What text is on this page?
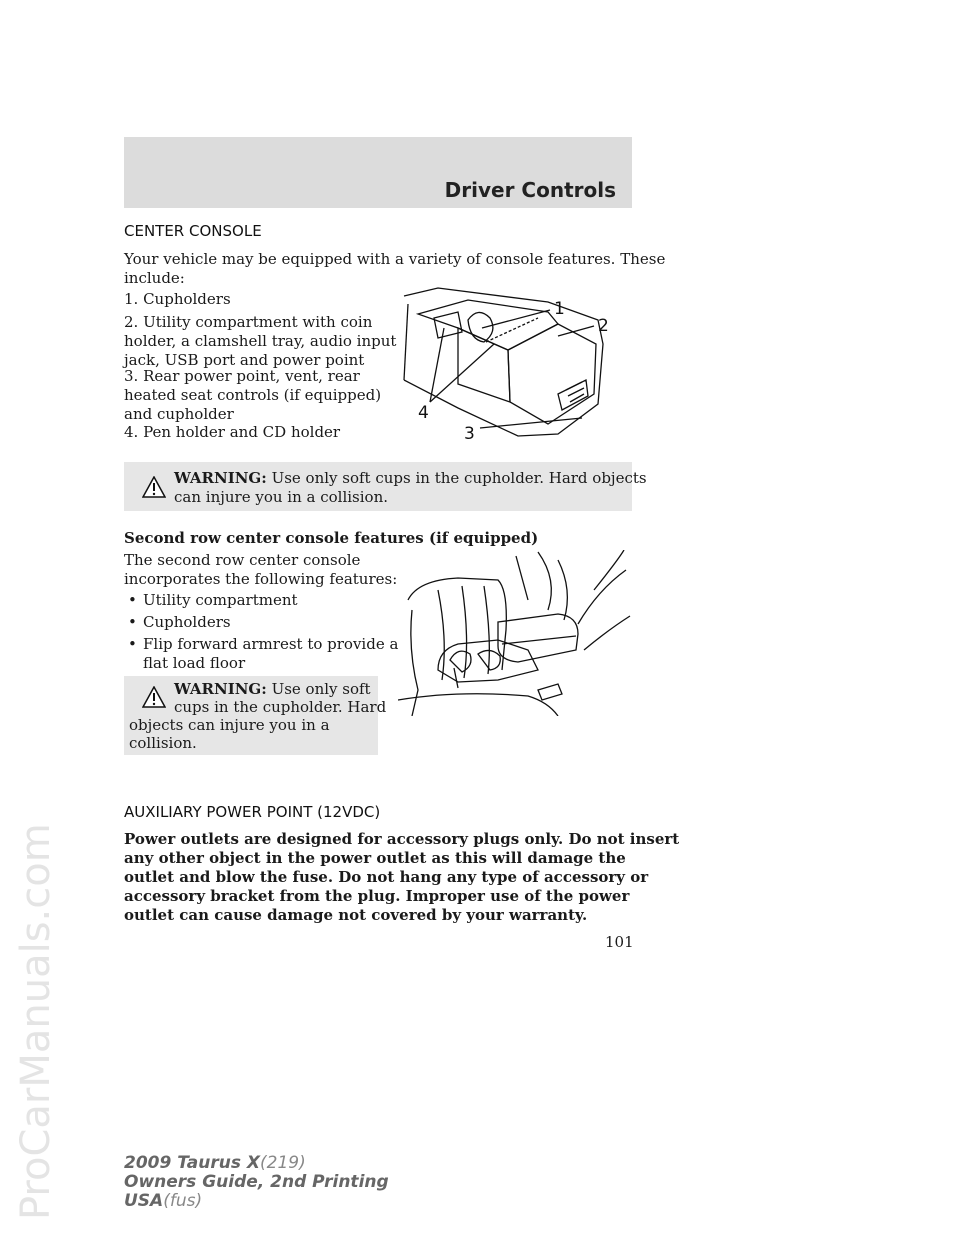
ProCarManuals.com
Driver Controls
CENTER CONSOLE
Your vehicle may be equipped with a variety of console features. These
include:
1. Cupholders
2. Utility compartment with coin
holder, a clamshell tray, audio input
jack, USB port and power point
3. Rear power point, vent, rear
heated seat controls (if equipped)
and cupholder
4. Pen holder and CD holder
1
2
3
4
WARNING: Use only soft cups in the cupholder. Hard objects
can injure you in a collision.
Second row center console features (if equipped)
The second row center console
incorporates the following features:
• Utility compartment
• Cupholders
• Flip forward armrest to provide a
flat load floor
WARNING: Use only soft
cups in the cupholder. Hard
objects can injure you in a
collision.
AUXILIARY POWER POINT (12VDC)
Power outlets are designed for accessory plugs only. Do not insert
any other object in the power outlet as this will damage the
outlet and blow the fuse. Do not hang any type of accessory or
accessory bracket from the plug. Improper use of the power
outlet can cause damage not covered by your warranty.
101
2009 Taurus X(219)
Owners Guide, 2nd Printing
USA(fus)
